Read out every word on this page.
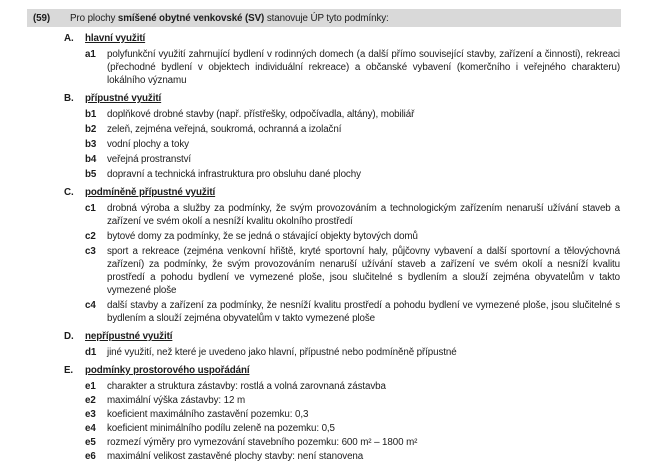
(59)	Pro plochy smíšené obytné venkovské (SV) stanovuje ÚP tyto podmínky:
A.	hlavní využití
a1	polyfunkční využití zahrnující bydlení v rodinných domech (a další přímo související stavby, zařízení a činnosti), rekreaci (přechodné bydlení v objektech individuální rekreace) a občanské vybavení (komerčního i veřejného charakteru) lokálního významu
B.	přípustné využití
b1	doplňkové drobné stavby (např. přístřešky, odpočívadla, altány), mobiliář
b2	zeleň, zejména veřejná, soukromá, ochranná a izolační
b3	vodní plochy a toky
b4	veřejná prostranství
b5	dopravní a technická infrastruktura pro obsluhu dané plochy
C.	podmíněně přípustné využití
c1	drobná výroba a služby za podmínky, že svým provozováním a technologickým zařízením nenaruší užívání staveb a zařízení ve svém okolí a nesníží kvalitu okolního prostředí
c2	bytové domy za podmínky, že se jedná o stávající objekty bytových domů
c3	sport a rekreace (zejména venkovní hřiště, kryté sportovní haly, půjčovny vybavení a další sportovní a tělovýchovná zařízení) za podmínky, že svým provozováním nenaruší užívání staveb a zařízení ve svém okolí a nesníží kvalitu prostředí a pohodu bydlení ve vymezené ploše, jsou slučitelné s bydlením a slouží zejména obyvatelům v takto vymezené ploše
c4	další stavby a zařízení za podmínky, že nesníží kvalitu prostředí a pohodu bydlení ve vymezené ploše, jsou slučitelné s bydlením a slouží zejména obyvatelům v takto vymezené ploše
D.	nepřípustné využití
d1	jiné využití, než které je uvedeno jako hlavní, přípustné nebo podmíněně přípustné
E.	podmínky prostorového uspořádání
e1	charakter a struktura zástavby: rostlá a volná zarovnaná zástavba
e2	maximální výška zástavby: 12 m
e3	koeficient maximálního zastavění pozemku: 0,3
e4	koeficient minimálního podílu zeleně na pozemku: 0,5
e5	rozmezí výměry pro vymezování stavebního pozemku: 600 m² – 1800 m²
e6	maximální velikost zastavěné plochy stavby: není stanovena
